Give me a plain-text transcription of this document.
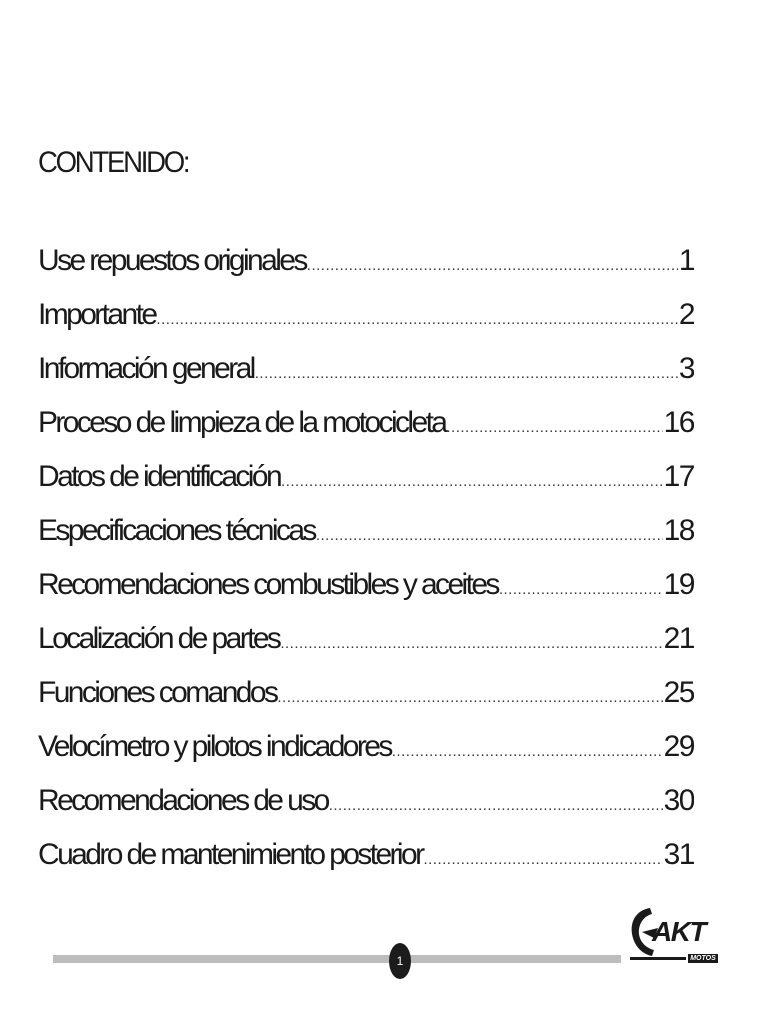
CONTENIDO:
Use repuestos originales .....	1
Importante .....	2
Información general .....	3
Proceso de limpieza de la motocicleta .....	16
Datos de identificación .....	17
Especificaciones técnicas .....	18
Recomendaciones combustibles y aceites .....	19
Localización de partes .....	21
Funciones comandos .....	25
Velocímetro y pilotos indicadores .....	29
Recomendaciones de uso .....	30
Cuadro de mantenimiento posterior .....	31
1
AKT
MOTOS
